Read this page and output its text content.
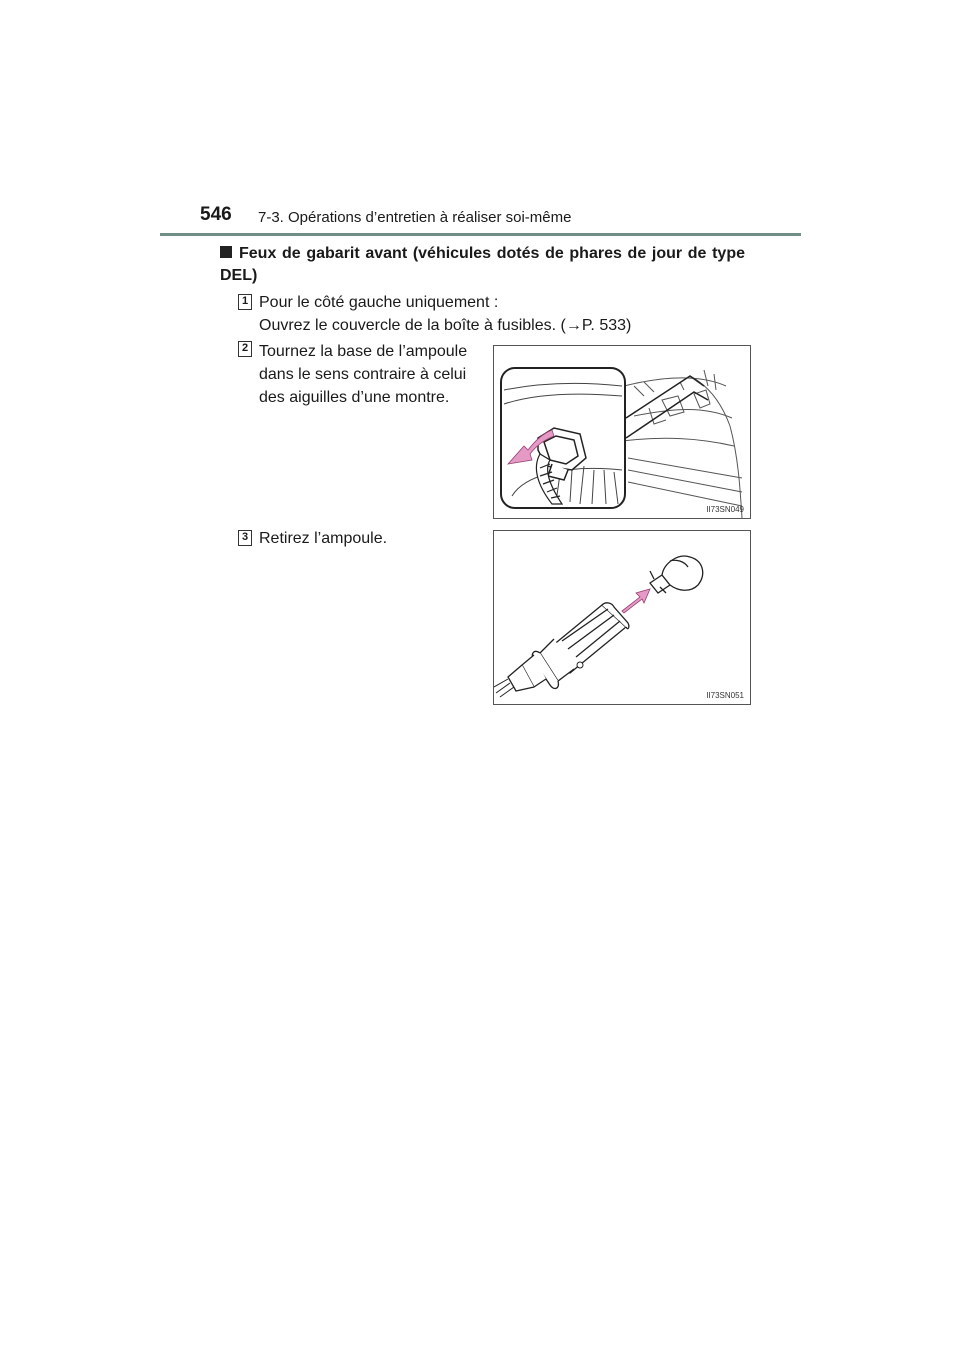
546 7-3. Opérations d’entretien à réaliser soi-même
Feux de gabarit avant (véhicules dotés de phares de jour de type DEL)
1 Pour le côté gauche uniquement :
Ouvrez le couvercle de la boîte à fusibles. (→P. 533)
2 Tournez la base de l’ampoule
dans le sens contraire à celui
des aiguilles d’une montre.
II73SN049
3 Retirez l’ampoule.
II73SN051
